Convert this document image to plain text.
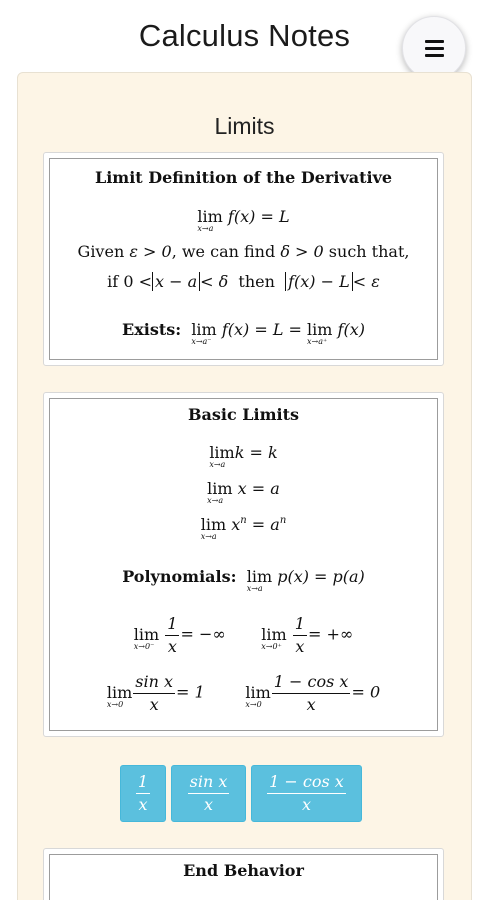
Calculus Notes
Limits
Limit Definition of the Derivative
lim
x→a
f(x) = L
Given ε > 0, we can find δ > 0 such that,
if 0 < x − a < δ then f(x) − L < ε
Exists: lim
x→a⁻
f(x) = L = lim
x→a⁺
f(x)
Basic Limits
lim
x→a
k = k
lim
x→a
x = a
lim
x→a
$x^n = a^n$
Polynomials: lim
x→a
p(x) = p(a)
lim
x→0⁻
$\frac{1}{x}$ = −∞ lim
x→0⁺
$\frac{1}{x}$ = +∞
lim
$x\to 0 \frac{\text{sin x}}{x} = 1$	lim
$x\to 0 \frac{\text{1 − cos x}}{x} = 0$
$\frac{1}{x} \frac{\text{sin x}}{x} \frac{\text{1 − cos x}}{x}$
End Behavior
